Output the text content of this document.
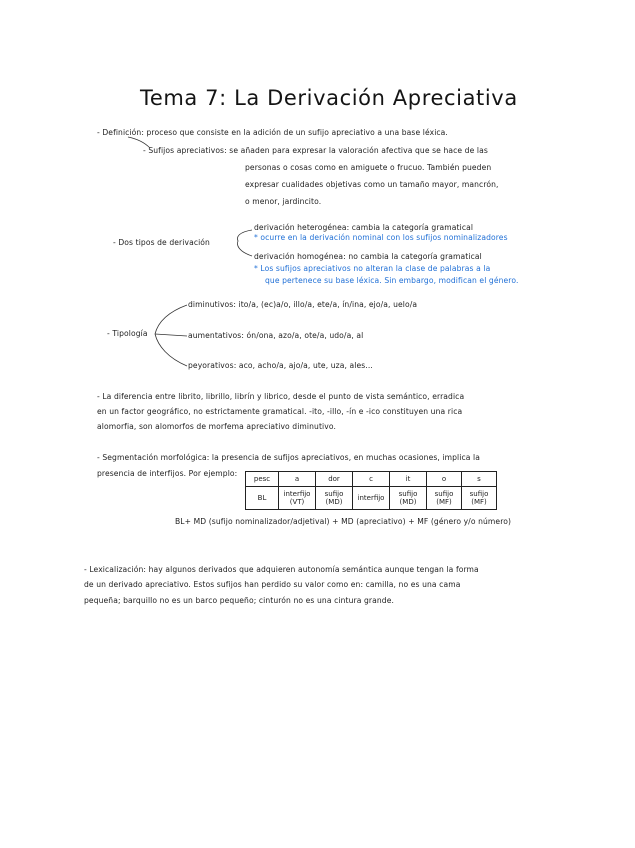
Tema 7: La Derivación Apreciativa
- Definición: proceso que consiste en la adición de un sufijo apreciativo a una base léxica.
- Sufijos apreciativos: se añaden para expresar la valoración afectiva que se hace de las
personas o cosas como en amiguete o frucuo. También pueden
expresar cualidades objetivas como un tamaño mayor, mancrón,
o menor, jardincito.
- Dos tipos de derivación
derivación heterogénea: cambia la categoría gramatical
* ocurre en la derivación nominal con los sufijos nominalizadores
derivación homogénea: no cambia la categoría gramatical
* Los sufijos apreciativos no alteran la clase de palabras a la
que pertenece su base léxica. Sin embargo, modifican el género.
- Tipología
diminutivos: ito/a, (ec)a/o, illo/a, ete/a, ín/ina, ejo/a, uelo/a
aumentativos: ón/ona, azo/a, ote/a, udo/a, al
peyorativos: aco, acho/a, ajo/a, ute, uza, ales...
- La diferencia entre librito, librillo, librín y librico, desde el punto de vista semántico, erradica
en un factor geográfico, no estrictamente gramatical. -ito, -illo, -ín e -ico constituyen una rica
alomorfia, son alomorfos de morfema apreciativo diminutivo.
- Segmentación morfológica: la presencia de sufijos apreciativos, en muchas ocasiones, implica la
presencia de interfijos. Por ejemplo:
pesc	a	dor	c	it	o	s
BL	interfijo (VT)	sufijo (MD)	interfijo	sufijo (MD)	sufijo (MF)	sufijo (MF)
BL+ MD (sufijo nominalizador/adjetival) + MD (apreciativo) + MF (género y/o número)
- Lexicalización: hay algunos derivados que adquieren autonomía semántica aunque tengan la forma
de un derivado apreciativo. Estos sufijos han perdido su valor como en: camilla, no es una cama
pequeña; barquillo no es un barco pequeño; cinturón no es una cintura grande.
